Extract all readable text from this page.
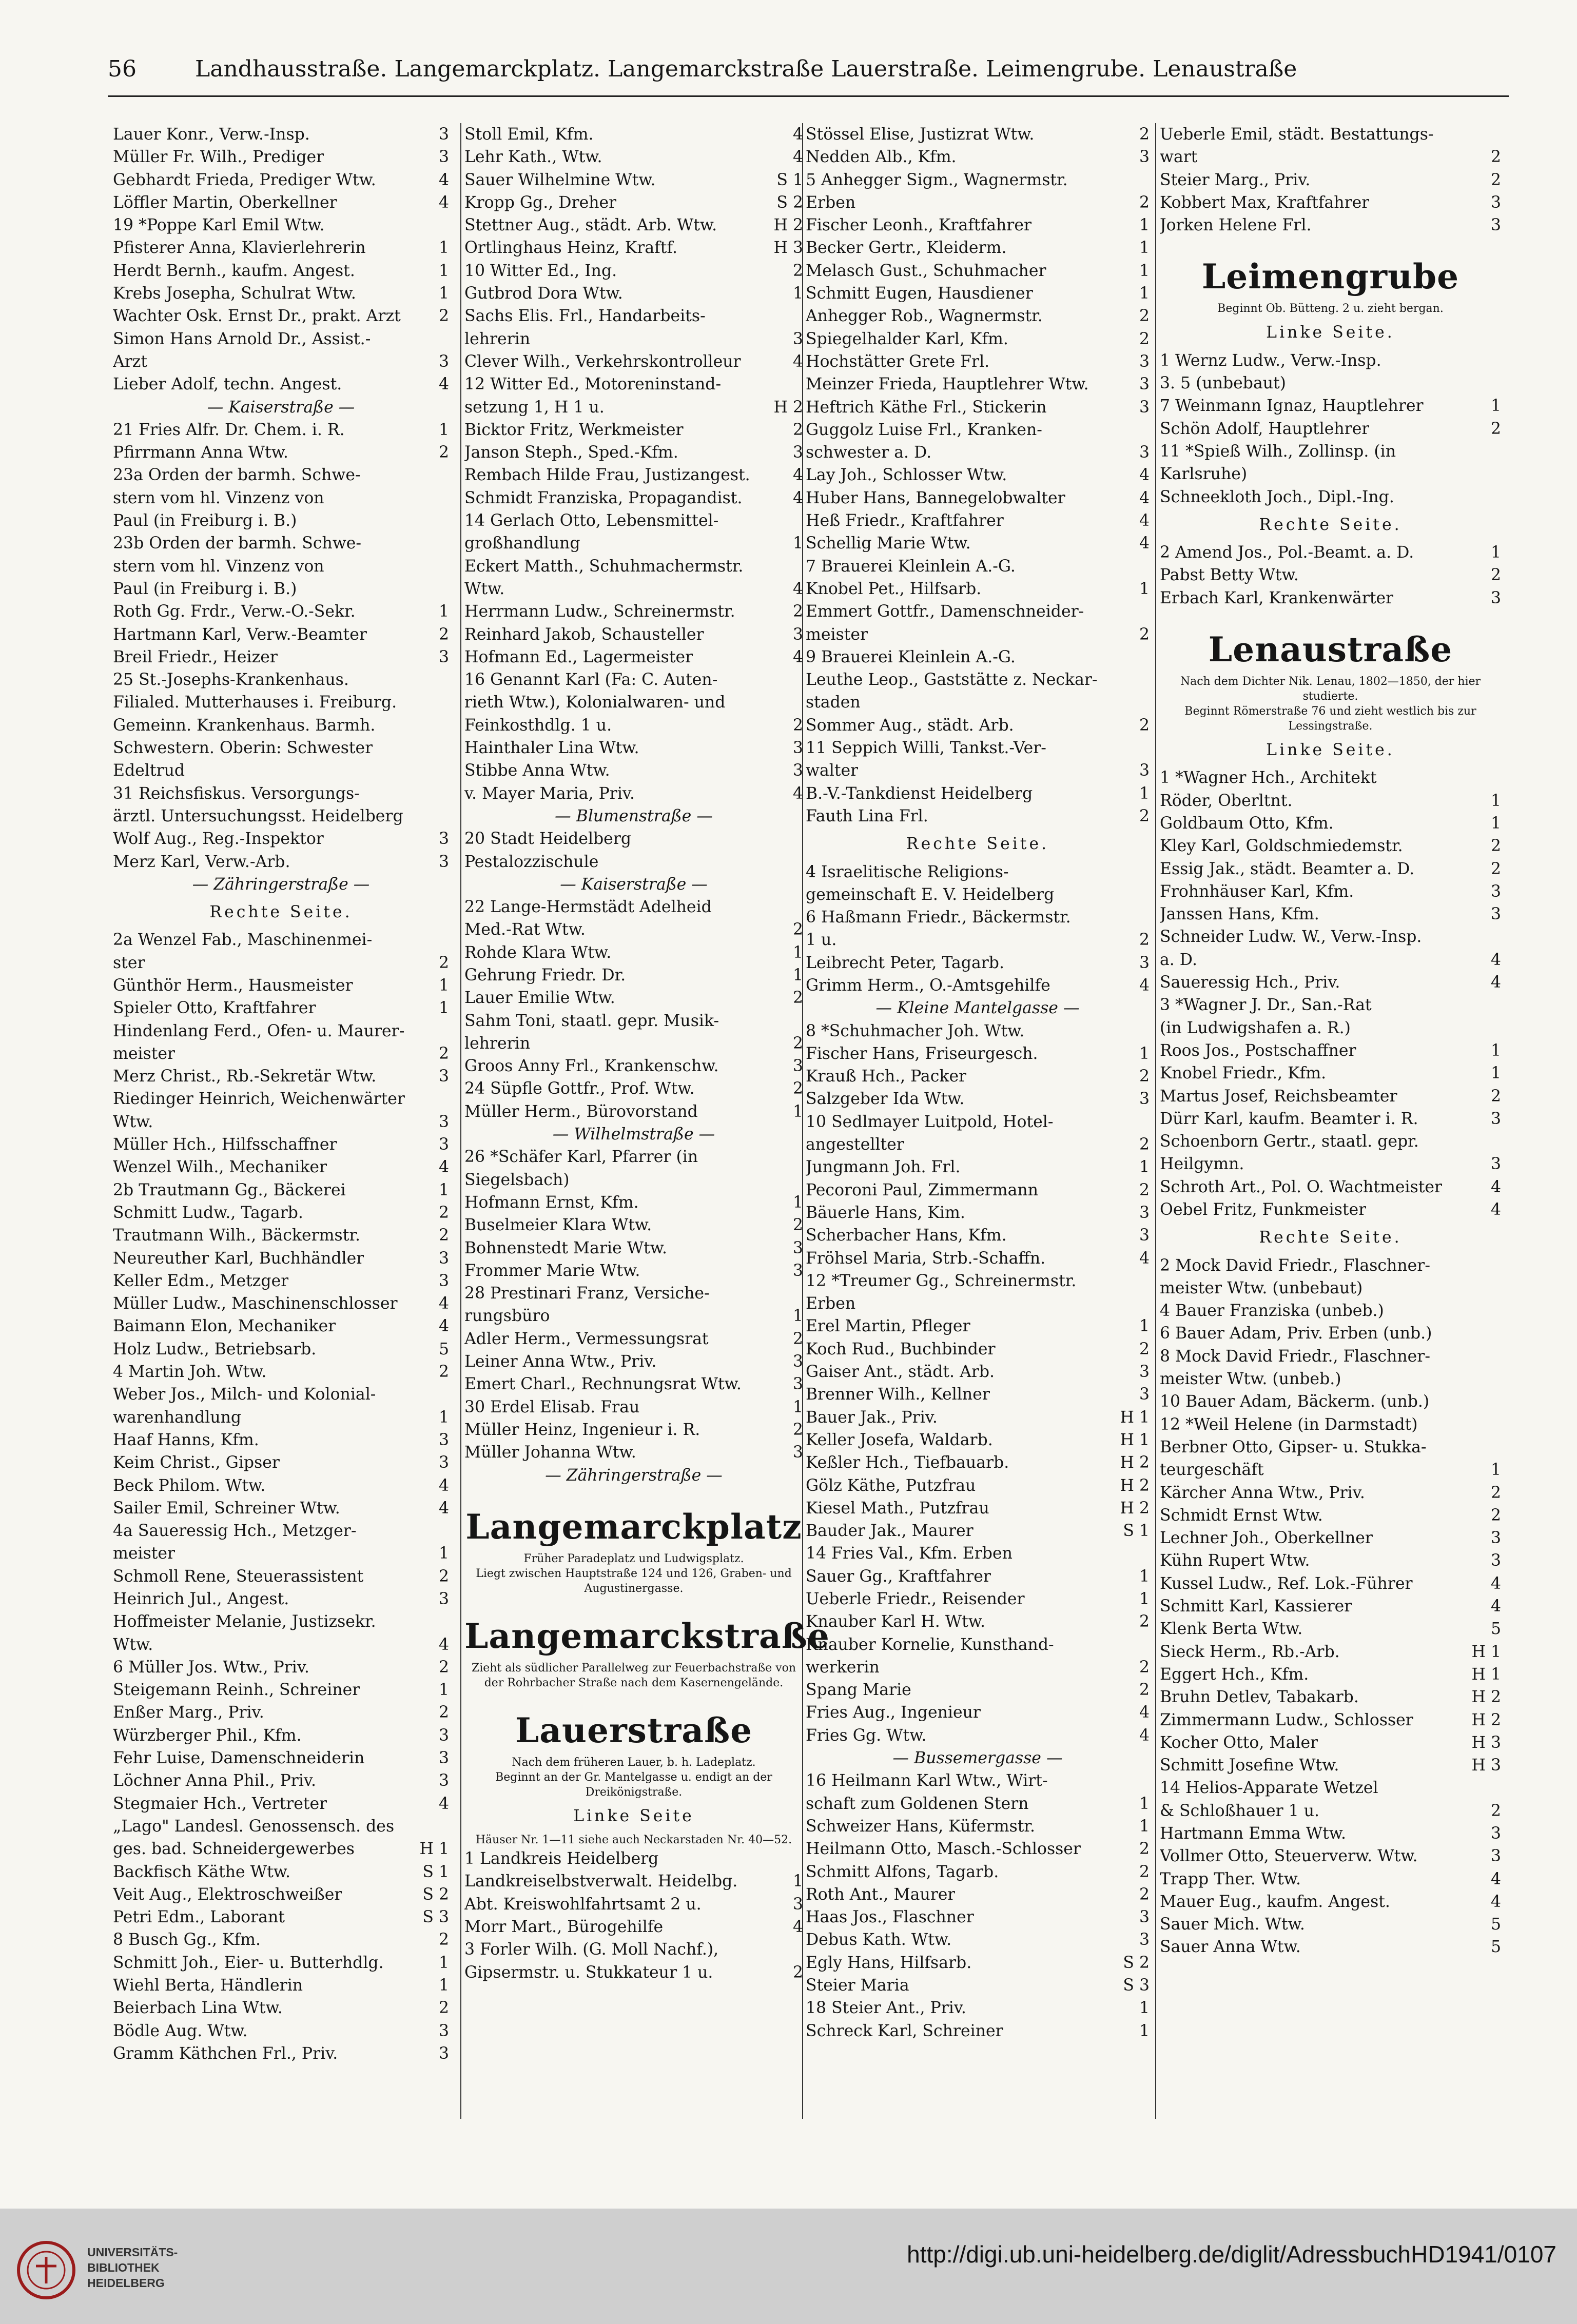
56	Landhausstraße. Langemarckplatz. Langemarckstraße Lauerstraße. Leimengrube. Lenaustraße
Lauer Konr., Verw.-Insp.	3
Müller Fr. Wilh., Prediger	3
Gebhardt Frieda, Prediger Wtw.	4
Löffler Martin, Oberkellner	4
19 *Poppe Karl Emil Wtw.
Pfisterer Anna, Klavierlehrerin	1
Herdt Bernh., kaufm. Angest.	1
Krebs Josepha, Schulrat Wtw.	1
Wachter Osk. Ernst Dr., prakt. Arzt 2
Simon Hans Arnold Dr., Assist.-
Arzt	3
Lieber Adolf, techn. Angest.	4
— Kaiserstraße —
21 Fries Alfr. Dr. Chem. i. R.	1
Pfirrmann Anna Wtw.	2
23a Orden der barmh. Schwe-
stern vom hl. Vinzenz von
Paul (in Freiburg i. B.)
23b Orden der barmh. Schwe-
stern vom hl. Vinzenz von
Paul (in Freiburg i. B.)
Roth Gg. Frdr., Verw.-O.-Sekr.	1
Hartmann Karl, Verw.-Beamter	2
Breil Friedr., Heizer	3
25 St.-Josephs-Krankenhaus.
Filialed. Mutterhauses i. Freiburg.
Gemeinn. Krankenhaus. Barmh.
Schwestern. Oberin: Schwester
Edeltrud
31 Reichsfiskus. Versorgungs-
ärztl. Untersuchungsst. Heidelberg
Wolf Aug., Reg.-Inspektor	3
Merz Karl, Verw.-Arb.	3
— Zähringerstraße —
Rechte Seite.
2a Wenzel Fab., Maschinenmei-
ster	2
Günthör Herm., Hausmeister	1
Spieler Otto, Kraftfahrer	1
Hindenlang Ferd., Ofen- u. Maurer-
meister	2
Merz Christ., Rb.-Sekretär Wtw.	3
Riedinger Heinrich, Weichenwärter
Wtw.	3
Müller Hch., Hilfsschaffner	3
Wenzel Wilh., Mechaniker	4
2b Trautmann Gg., Bäckerei	1
Schmitt Ludw., Tagarb.	2
Trautmann Wilh., Bäckermstr.	2
Neureuther Karl, Buchhändler	3
Keller Edm., Metzger	3
Müller Ludw., Maschinenschlosser	4
Baimann Elon, Mechaniker	4
Holz Ludw., Betriebsarb.	5
4 Martin Joh. Wtw.	2
Weber Jos., Milch- und Kolonial-
warenhandlung	1
Haaf Hanns, Kfm.	3
Keim Christ., Gipser	3
Beck Philom. Wtw.	4
Sailer Emil, Schreiner Wtw.	4
4a Saueressig Hch., Metzger-
meister	1
Schmoll Rene, Steuerassistent	2
Heinrich Jul., Angest.	3
Hoffmeister Melanie, Justizsekr.
Wtw.	4
6 Müller Jos. Wtw., Priv.	2
Steigemann Reinh., Schreiner	1
Enßer Marg., Priv.	2
Würzberger Phil., Kfm.	3
Fehr Luise, Damenschneiderin	3
Löchner Anna Phil., Priv.	3
Stegmaier Hch., Vertreter	4
„Lago" Landesl. Genossensch. des
ges. bad. Schneidergewerbes	H 1
Backfisch Käthe Wtw.	S 1
Veit Aug., Elektroschweißer	S 2
Petri Edm., Laborant	S 3
8 Busch Gg., Kfm.	2
Schmitt Joh., Eier- u. Butterhdlg.	1
Wiehl Berta, Händlerin	1
Beierbach Lina Wtw.	2
Bödle Aug. Wtw.	3
Gramm Käthchen Frl., Priv.	3
Stoll Emil, Kfm.	4
Lehr Kath., Wtw.	4
Sauer Wilhelmine Wtw.	S 1
Kropp Gg., Dreher	S 2
Stettner Aug., städt. Arb. Wtw.	H 2
Ortlinghaus Heinz, Kraftf.	H 3
10 Witter Ed., Ing.	2
Gutbrod Dora Wtw.	1
Sachs Elis. Frl., Handarbeits-
lehrerin	3
Clever Wilh., Verkehrskontrolleur	4
12 Witter Ed., Motoreninstand-
setzung 1, H 1 u.	H 2
Bicktor Fritz, Werkmeister	2
Janson Steph., Sped.-Kfm.	3
Rembach Hilde Frau, Justizangest.	4
Schmidt Franziska, Propagandist.	4
14 Gerlach Otto, Lebensmittel-
großhandlung	1
Eckert Matth., Schuhmachermstr.
Wtw.	4
Herrmann Ludw., Schreinermstr.	2
Reinhard Jakob, Schausteller	3
Hofmann Ed., Lagermeister	4
16 Genannt Karl (Fa: C. Auten-
rieth Wtw.), Kolonialwaren- und
Feinkosthdlg. 1 u.	2
Hainthaler Lina Wtw.	3
Stibbe Anna Wtw.	3
v. Mayer Maria, Priv.	4
— Blumenstraße —
20 Stadt Heidelberg
Pestalozzischule
— Kaiserstraße —
22 Lange-Hermstädt Adelheid
Med.-Rat Wtw.	2
Rohde Klara Wtw.	1
Gehrung Friedr. Dr.	1
Lauer Emilie Wtw.	2
Sahm Toni, staatl. gepr. Musik-
lehrerin	2
Groos Anny Frl., Krankenschw.	3
24 Süpfle Gottfr., Prof. Wtw.	2
Müller Herm., Bürovorstand	1
— Wilhelmstraße —
26 *Schäfer Karl, Pfarrer (in
Siegelsbach)
Hofmann Ernst, Kfm.	1
Buselmeier Klara Wtw.	2
Bohnenstedt Marie Wtw.	3
Frommer Marie Wtw.	3
28 Prestinari Franz, Versiche-
rungsbüro	1
Adler Herm., Vermessungsrat	2
Leiner Anna Wtw., Priv.	3
Emert Charl., Rechnungsrat Wtw.	3
30 Erdel Elisab. Frau	1
Müller Heinz, Ingenieur i. R.	2
Müller Johanna Wtw.	3
— Zähringerstraße —
Langemarckplatz
Früher Paradeplatz und Ludwigsplatz.
Liegt zwischen Hauptstraße 124 und 126, Graben- und Augustinergasse.
Langemarckstraße
Zieht als südlicher Parallelweg zur Feuerbachstraße von der Rohrbacher Straße nach dem Kasernengelände.
Lauerstraße
Nach dem früheren Lauer, b. h. Ladeplatz.
Beginnt an der Gr. Mantelgasse u. endigt an der Dreikönigstraße.
Linke Seite
Häuser Nr. 1—11 siehe auch Neckarstaden Nr. 40—52.
1 Landkreis Heidelberg
Landkreiselbstverwalt. Heidelbg.	1
Abt. Kreiswohlfahrtsamt 2 u.	3
Morr Mart., Bürogehilfe	4
3 Forler Wilh. (G. Moll Nachf.),
Gipsermstr. u. Stukkateur 1 u.	2
Stössel Elise, Justizrat Wtw.	2
Nedden Alb., Kfm.	3
5 Anhegger Sigm., Wagnermstr.
Erben	2
Fischer Leonh., Kraftfahrer	1
Becker Gertr., Kleiderm.	1
Melasch Gust., Schuhmacher	1
Schmitt Eugen, Hausdiener	1
Anhegger Rob., Wagnermstr.	2
Spiegelhalder Karl, Kfm.	2
Hochstätter Grete Frl.	3
Meinzer Frieda, Hauptlehrer Wtw.	3
Heftrich Käthe Frl., Stickerin	3
Guggolz Luise Frl., Kranken-
schwester a. D.	3
Lay Joh., Schlosser Wtw.	4
Huber Hans, Bannegelobwalter	4
Heß Friedr., Kraftfahrer	4
Schellig Marie Wtw.	4
7 Brauerei Kleinlein A.-G.
Knobel Pet., Hilfsarb.	1
Emmert Gottfr., Damenschneider-
meister	2
9 Brauerei Kleinlein A.-G.
Leuthe Leop., Gaststätte z. Neckar-
staden
Sommer Aug., städt. Arb.	2
11 Seppich Willi, Tankst.-Ver-
walter	3
B.-V.-Tankdienst Heidelberg	1
Fauth Lina Frl.	2
Rechte Seite.
4 Israelitische Religions-
gemeinschaft E. V. Heidelberg
6 Haßmann Friedr., Bäckermstr.
1 u.	2
Leibrecht Peter, Tagarb.	3
Grimm Herm., O.-Amtsgehilfe	4
— Kleine Mantelgasse —
8 *Schuhmacher Joh. Wtw.
Fischer Hans, Friseurgesch.	1
Krauß Hch., Packer	2
Salzgeber Ida Wtw.	3
10 Sedlmayer Luitpold, Hotel-
angestellter	2
Jungmann Joh. Frl.	1
Pecoroni Paul, Zimmermann	2
Bäuerle Hans, Kim.	3
Scherbacher Hans, Kfm.	3
Fröhsel Maria, Strb.-Schaffn.	4
12 *Treumer Gg., Schreinermstr.
Erben
Erel Martin, Pfleger	1
Koch Rud., Buchbinder	2
Gaiser Ant., städt. Arb.	3
Brenner Wilh., Kellner	3
Bauer Jak., Priv.	H 1
Keller Josefa, Waldarb.	H 1
Keßler Hch., Tiefbauarb.	H 2
Gölz Käthe, Putzfrau	H 2
Kiesel Math., Putzfrau	H 2
Bauder Jak., Maurer	S 1
14 Fries Val., Kfm. Erben
Sauer Gg., Kraftfahrer	1
Ueberle Friedr., Reisender	1
Knauber Karl H. Wtw.	2
Knauber Kornelie, Kunsthand-
werkerin	2
Spang Marie	2
Fries Aug., Ingenieur	4
Fries Gg. Wtw.	4
— Bussemergasse —
16 Heilmann Karl Wtw., Wirt-
schaft zum Goldenen Stern	1
Schweizer Hans, Küfermstr.	1
Heilmann Otto, Masch.-Schlosser	2
Schmitt Alfons, Tagarb.	2
Roth Ant., Maurer	2
Haas Jos., Flaschner	3
Debus Kath. Wtw.	3
Egly Hans, Hilfsarb.	S 2
Steier Maria	S 3
18 Steier Ant., Priv.	1
Schreck Karl, Schreiner	1
Ueberle Emil, städt. Bestattungs-
wart	2
Steier Marg., Priv.	2
Kobbert Max, Kraftfahrer	3
Jorken Helene Frl.	3
Leimengrube
Beginnt Ob. Bütteng. 2 u. zieht bergan.
Linke Seite.
1 Wernz Ludw., Verw.-Insp.
3. 5 (unbebaut)
7 Weinmann Ignaz, Hauptlehrer	1
Schön Adolf, Hauptlehrer	2
11 *Spieß Wilh., Zollinsp. (in
Karlsruhe)
Schneekloth Joch., Dipl.-Ing.
Rechte Seite.
2 Amend Jos., Pol.-Beamt. a. D.	1
Pabst Betty Wtw.	2
Erbach Karl, Krankenwärter	3
Lenaustraße
Nach dem Dichter Nik. Lenau, 1802—1850, der hier studierte.
Beginnt Römerstraße 76 und zieht westlich bis zur Lessingstraße.
Linke Seite.
1 *Wagner Hch., Architekt
Röder, Oberltnt.	1
Goldbaum Otto, Kfm.	1
Kley Karl, Goldschmiedemstr.	2
Essig Jak., städt. Beamter a. D.	2
Frohnhäuser Karl, Kfm.	3
Janssen Hans, Kfm.	3
Schneider Ludw. W., Verw.-Insp.
a. D.	4
Saueressig Hch., Priv.	4
3 *Wagner J. Dr., San.-Rat
(in Ludwigshafen a. R.)
Roos Jos., Postschaffner	1
Knobel Friedr., Kfm.	1
Martus Josef, Reichsbeamter	2
Dürr Karl, kaufm. Beamter i. R.	3
Schoenborn Gertr., staatl. gepr.
Heilgymn.	3
Schroth Art., Pol. O. Wachtmeister	4
Oebel Fritz, Funkmeister	4
Rechte Seite.
2 Mock David Friedr., Flaschner-
meister Wtw. (unbebaut)
4 Bauer Franziska (unbeb.)
6 Bauer Adam, Priv. Erben (unb.)
8 Mock David Friedr., Flaschner-
meister Wtw. (unbeb.)
10 Bauer Adam, Bäckerm. (unb.)
12 *Weil Helene (in Darmstadt)
Berbner Otto, Gipser- u. Stukka-
teurgeschäft	1
Kärcher Anna Wtw., Priv.	2
Schmidt Ernst Wtw.	2
Lechner Joh., Oberkellner	3
Kühn Rupert Wtw.	3
Kussel Ludw., Ref. Lok.-Führer	4
Schmitt Karl, Kassierer	4
Klenk Berta Wtw.	5
Sieck Herm., Rb.-Arb.	H 1
Eggert Hch., Kfm.	H 1
Bruhn Detlev, Tabakarb.	H 2
Zimmermann Ludw., Schlosser	H 2
Kocher Otto, Maler	H 3
Schmitt Josefine Wtw.	H 3
14 Helios-Apparate Wetzel
& Schloßhauer 1 u.	2
Hartmann Emma Wtw.	3
Vollmer Otto, Steuerverw. Wtw.	3
Trapp Ther. Wtw.	4
Mauer Eug., kaufm. Angest.	4
Sauer Mich. Wtw.	5
Sauer Anna Wtw.	5
UNIVERSITÄTS-
BIBLIOTHEK
HEIDELBERG
http://digi.ub.uni-heidelberg.de/diglit/AdressbuchHD1941/0107
